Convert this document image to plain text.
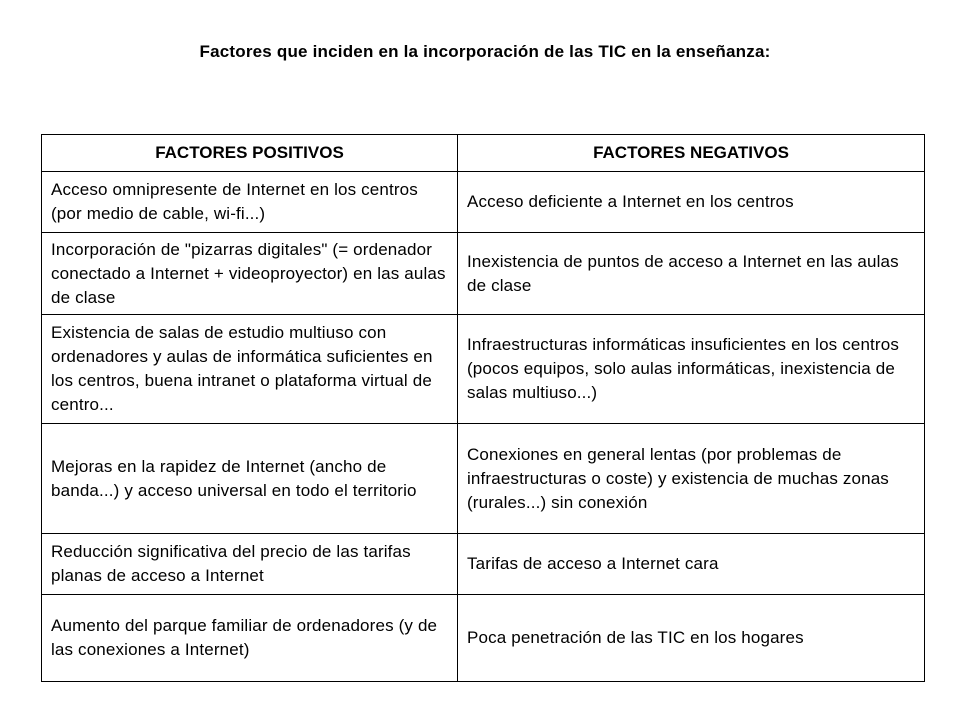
Factores que inciden en la incorporación de las TIC en la enseñanza:
FACTORES POSITIVOS	FACTORES NEGATIVOS
Acceso omnipresente de Internet en los centros (por medio de cable, wi-fi...)	Acceso deficiente a Internet en los centros
Incorporación de "pizarras digitales" (= ordenador conectado a Internet + videoproyector) en las aulas de clase	Inexistencia de puntos de acceso a Internet en las aulas de clase
Existencia de salas de estudio multiuso con ordenadores y aulas de informática suficientes en los centros, buena intranet o plataforma virtual de centro...	Infraestructuras informáticas insuficientes en los centros (pocos equipos, solo aulas informáticas, inexistencia de salas multiuso...)
Mejoras en la rapidez de Internet (ancho de banda...) y acceso universal en todo el territorio	Conexiones en general lentas (por problemas de infraestructuras o coste) y existencia de muchas zonas (rurales...) sin conexión
Reducción significativa del precio de las tarifas planas de acceso a Internet	Tarifas de acceso a Internet cara
Aumento del parque familiar de ordenadores (y de las conexiones a Internet)	Poca penetración de las TIC en los hogares
